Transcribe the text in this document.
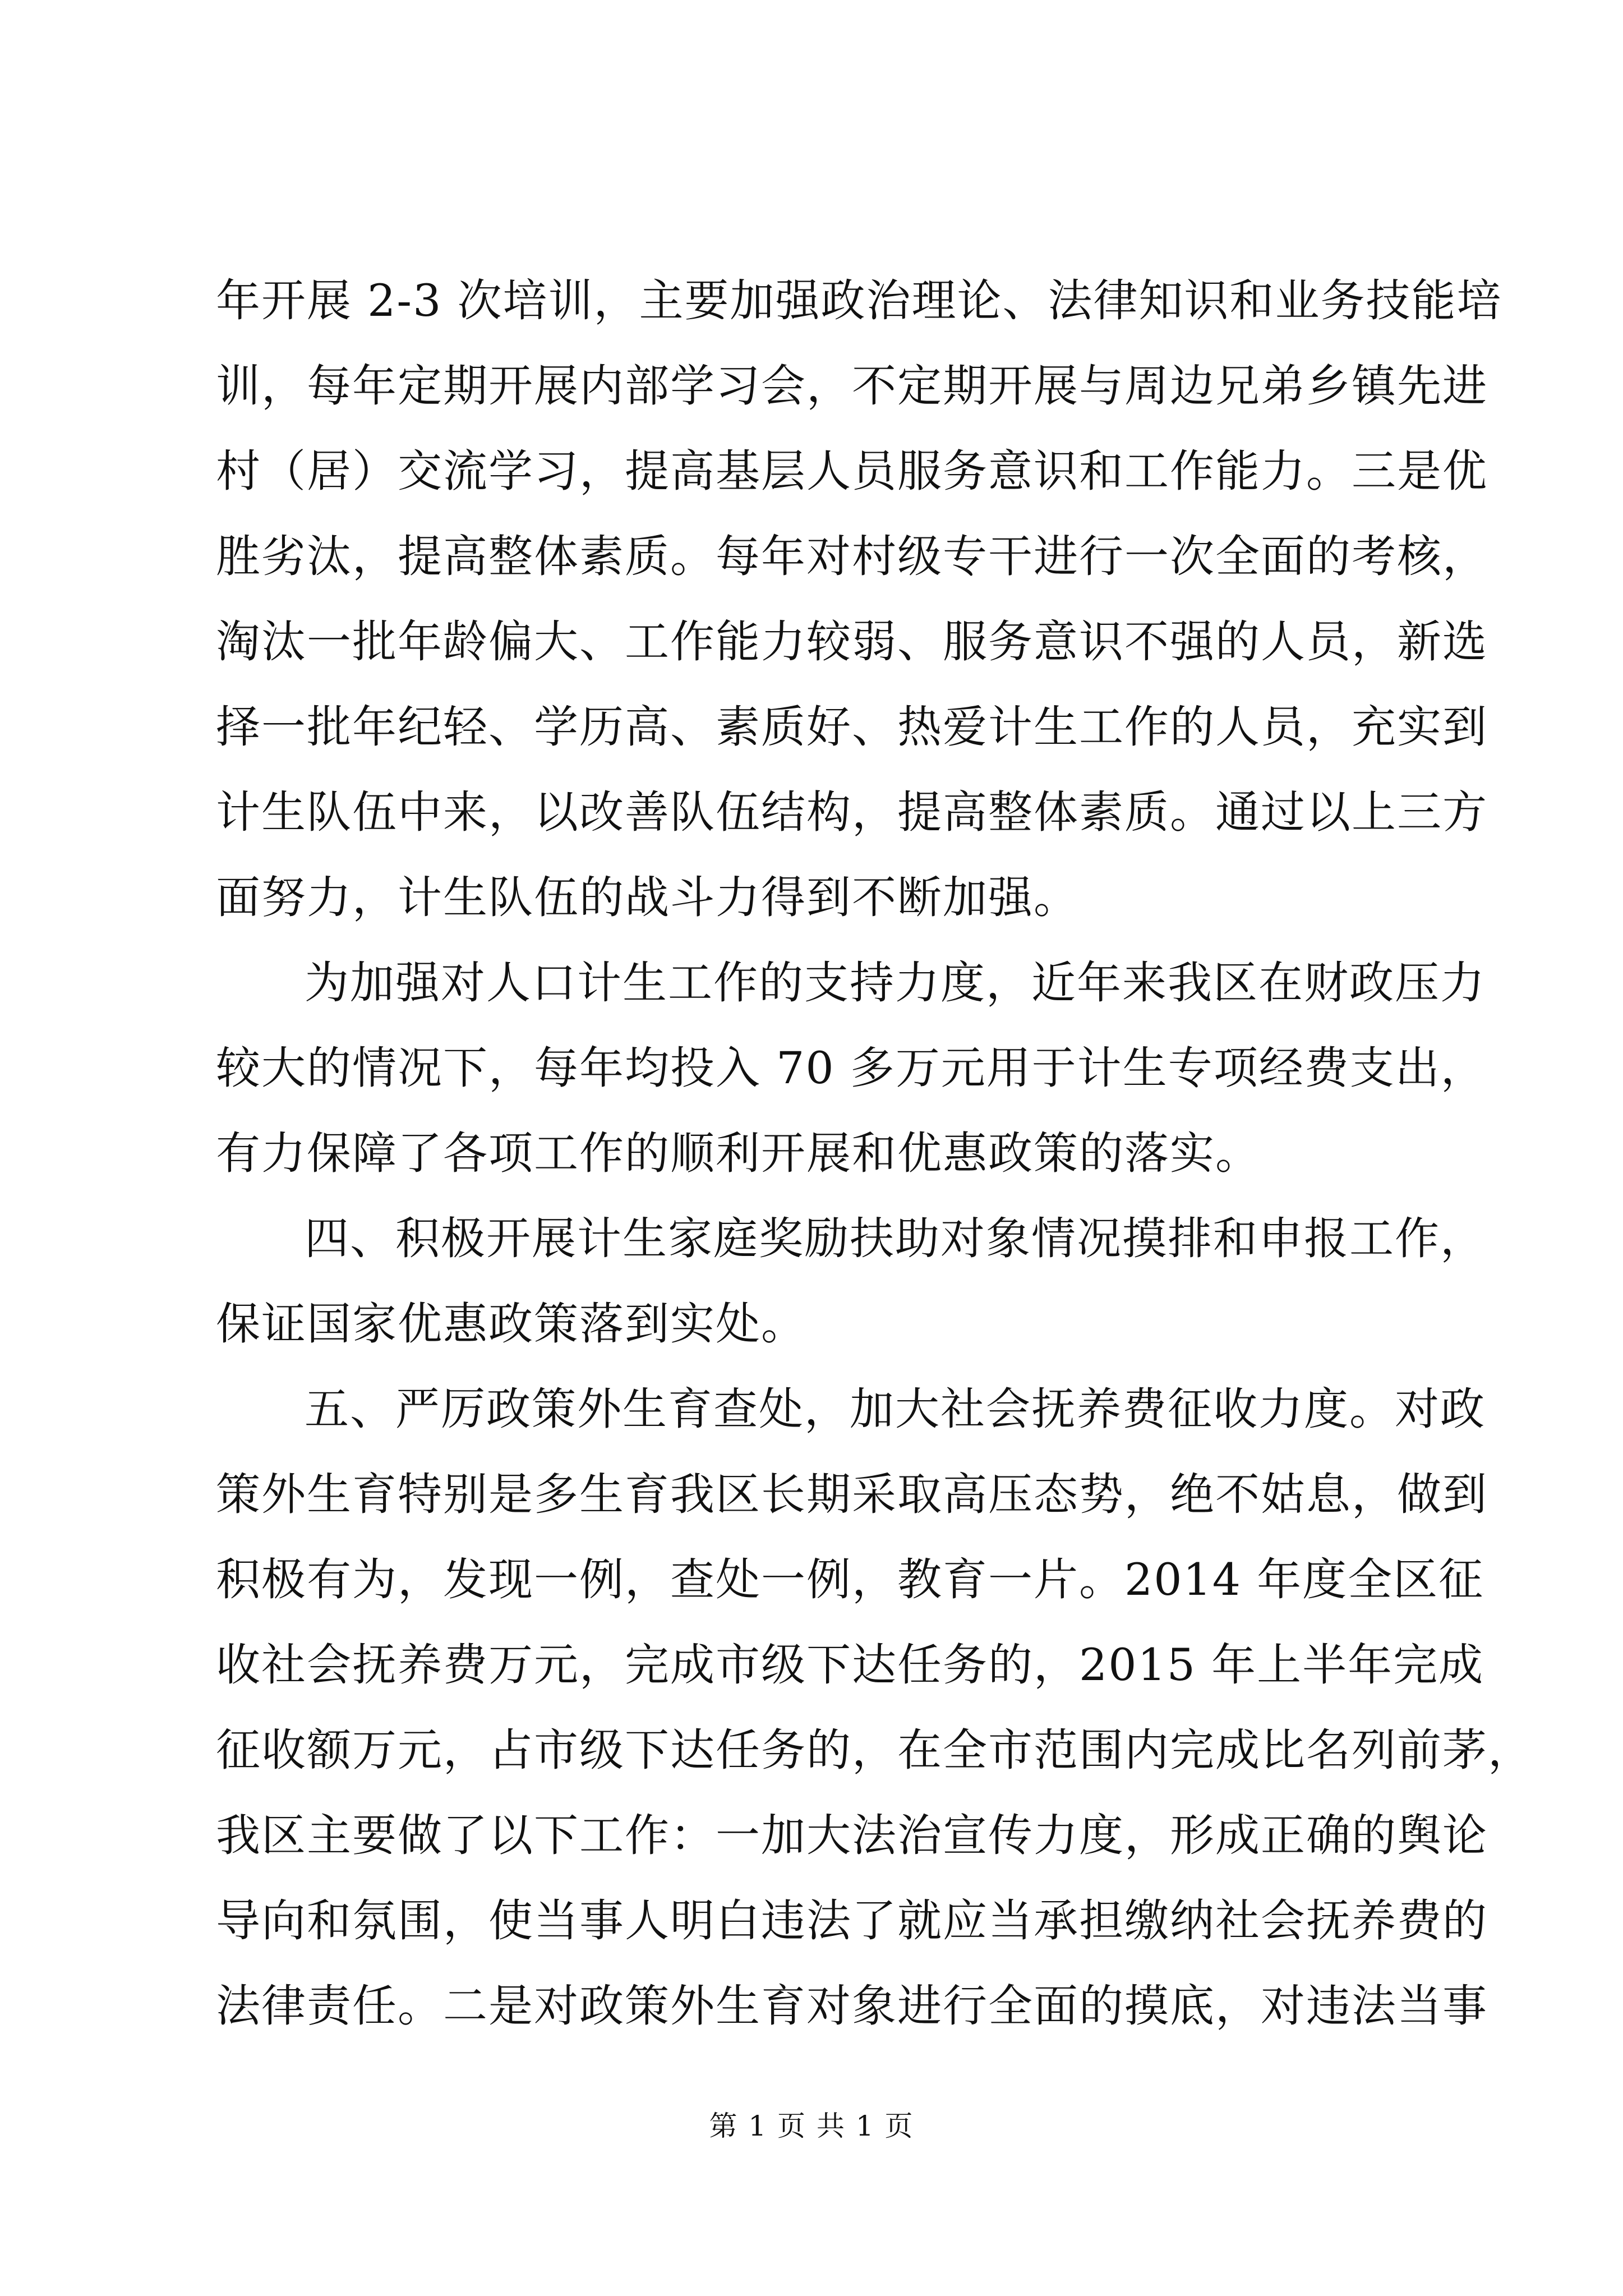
年开展 2-3 次培训，主要加强政治理论、法律知识和业务技能培
训，每年定期开展内部学习会，不定期开展与周边兄弟乡镇先进
村（居）交流学习，提高基层人员服务意识和工作能力。三是优
胜劣汰，提高整体素质。每年对村级专干进行一次全面的考核，
淘汰一批年龄偏大、工作能力较弱、服务意识不强的人员，新选
择一批年纪轻、学历高、素质好、热爱计生工作的人员，充实到
计生队伍中来，以改善队伍结构，提高整体素质。通过以上三方
面努力，计生队伍的战斗力得到不断加强。
为加强对人口计生工作的支持力度，近年来我区在财政压力
较大的情况下，每年均投入 70 多万元用于计生专项经费支出，
有力保障了各项工作的顺利开展和优惠政策的落实。
四、积极开展计生家庭奖励扶助对象情况摸排和申报工作，
保证国家优惠政策落到实处。
五、严厉政策外生育查处，加大社会抚养费征收力度。对政
策外生育特别是多生育我区长期采取高压态势，绝不姑息，做到
积极有为，发现一例，查处一例，教育一片。2014 年度全区征
收社会抚养费万元，完成市级下达任务的，2015 年上半年完成
征收额万元，占市级下达任务的，在全市范围内完成比名列前茅，
我区主要做了以下工作：一加大法治宣传力度，形成正确的舆论
导向和氛围，使当事人明白违法了就应当承担缴纳社会抚养费的
法律责任。二是对政策外生育对象进行全面的摸底，对违法当事
第 1 页 共 1 页
